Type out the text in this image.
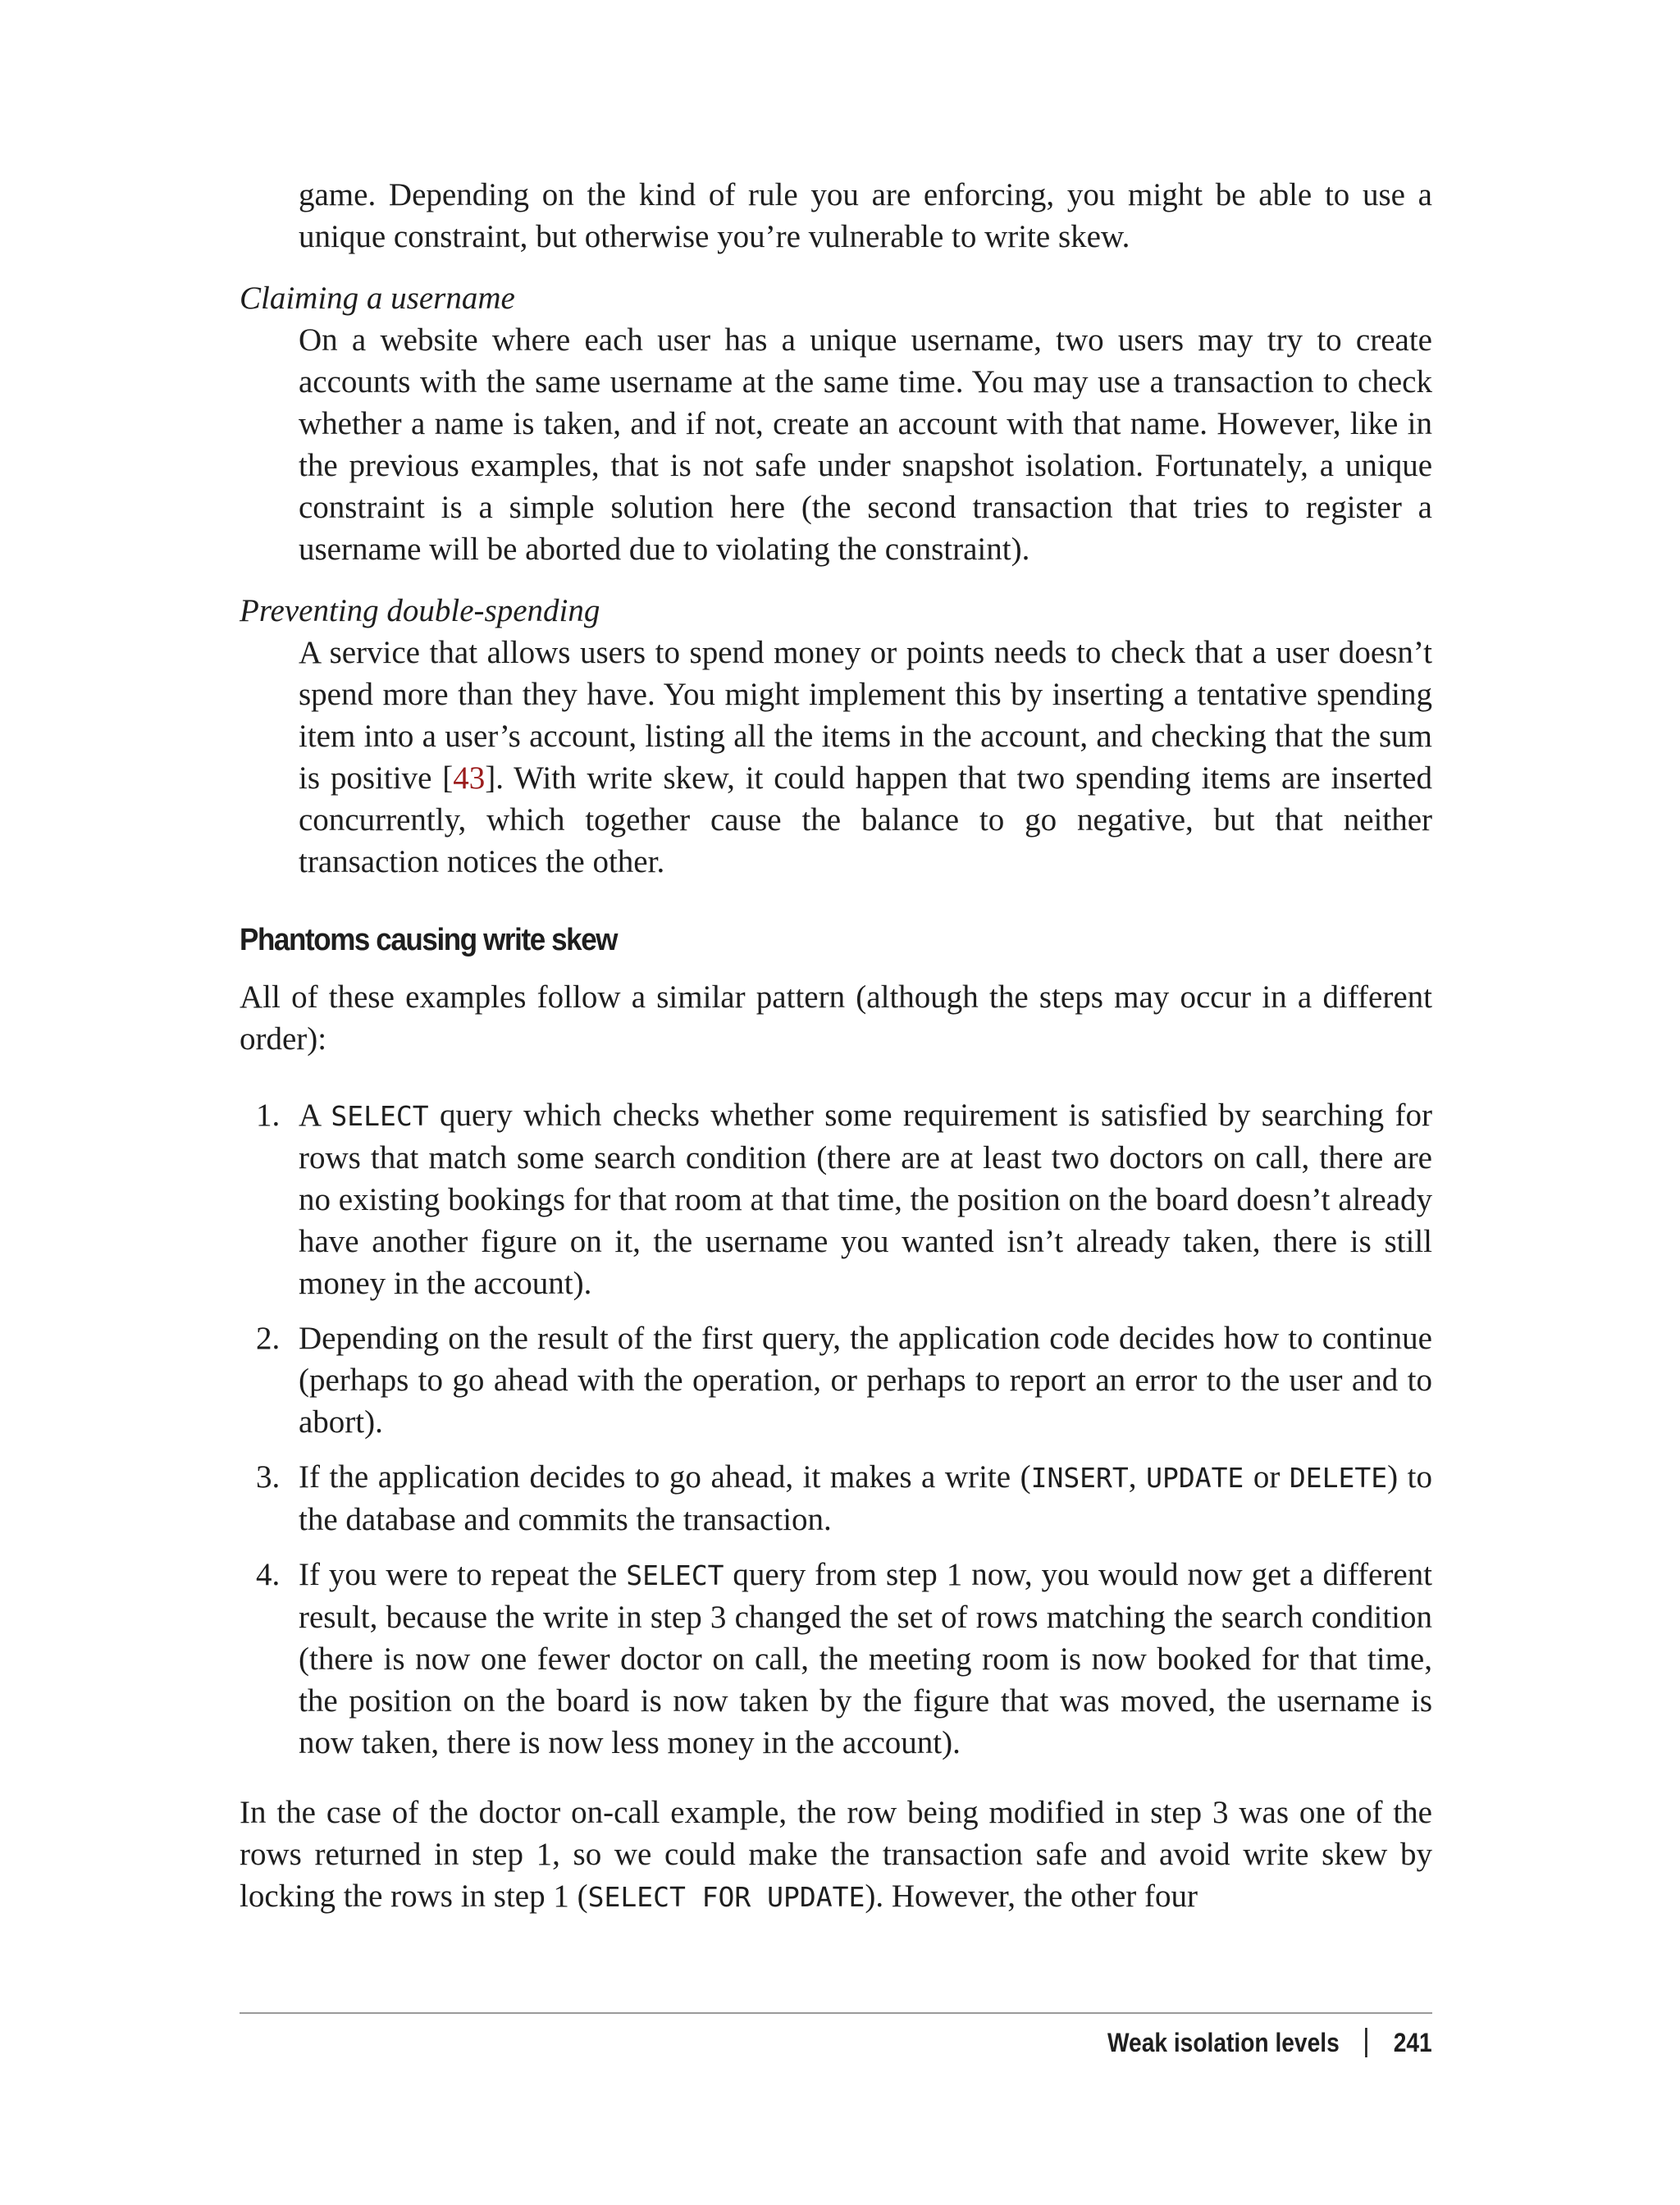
game. Depending on the kind of rule you are enforcing, you might be able to use a unique constraint, but otherwise you’re vulnerable to write skew.

Claiming a username

On a website where each user has a unique username, two users may try to create accounts with the same username at the same time. You may use a transaction to check whether a name is taken, and if not, create an account with that name. However, like in the previous examples, that is not safe under snapshot isolation. Fortunately, a unique constraint is a simple solution here (the second transaction that tries to register a username will be aborted due to violating the constraint).

Preventing double-spending

A service that allows users to spend money or points needs to check that a user doesn’t spend more than they have. You might implement this by inserting a tentative spending item into a user’s account, listing all the items in the account, and checking that the sum is positive [43]. With write skew, it could happen that two spending items are inserted concurrently, which together cause the balance to go negative, but that neither transaction notices the other.

Phantoms causing write skew

All of these examples follow a similar pattern (although the steps may occur in a different order):

1. A SELECT query which checks whether some requirement is satisfied by searching for rows that match some search condition (there are at least two doctors on call, there are no existing bookings for that room at that time, the position on the board doesn’t already have another figure on it, the username you wanted isn’t already taken, there is still money in the account).
2. Depending on the result of the first query, the application code decides how to continue (perhaps to go ahead with the operation, or perhaps to report an error to the user and to abort).
3. If the application decides to go ahead, it makes a write (INSERT, UPDATE or DELETE) to the database and commits the transaction.
4. If you were to repeat the SELECT query from step 1 now, you would now get a different result, because the write in step 3 changed the set of rows matching the search condition (there is now one fewer doctor on call, the meeting room is now booked for that time, the position on the board is now taken by the figure that was moved, the username is now taken, there is now less money in the account).

In the case of the doctor on-call example, the row being modified in step 3 was one of the rows returned in step 1, so we could make the transaction safe and avoid write skew by locking the rows in step 1 (SELECT FOR UPDATE). However, the other four

Weak isolation levels 241
